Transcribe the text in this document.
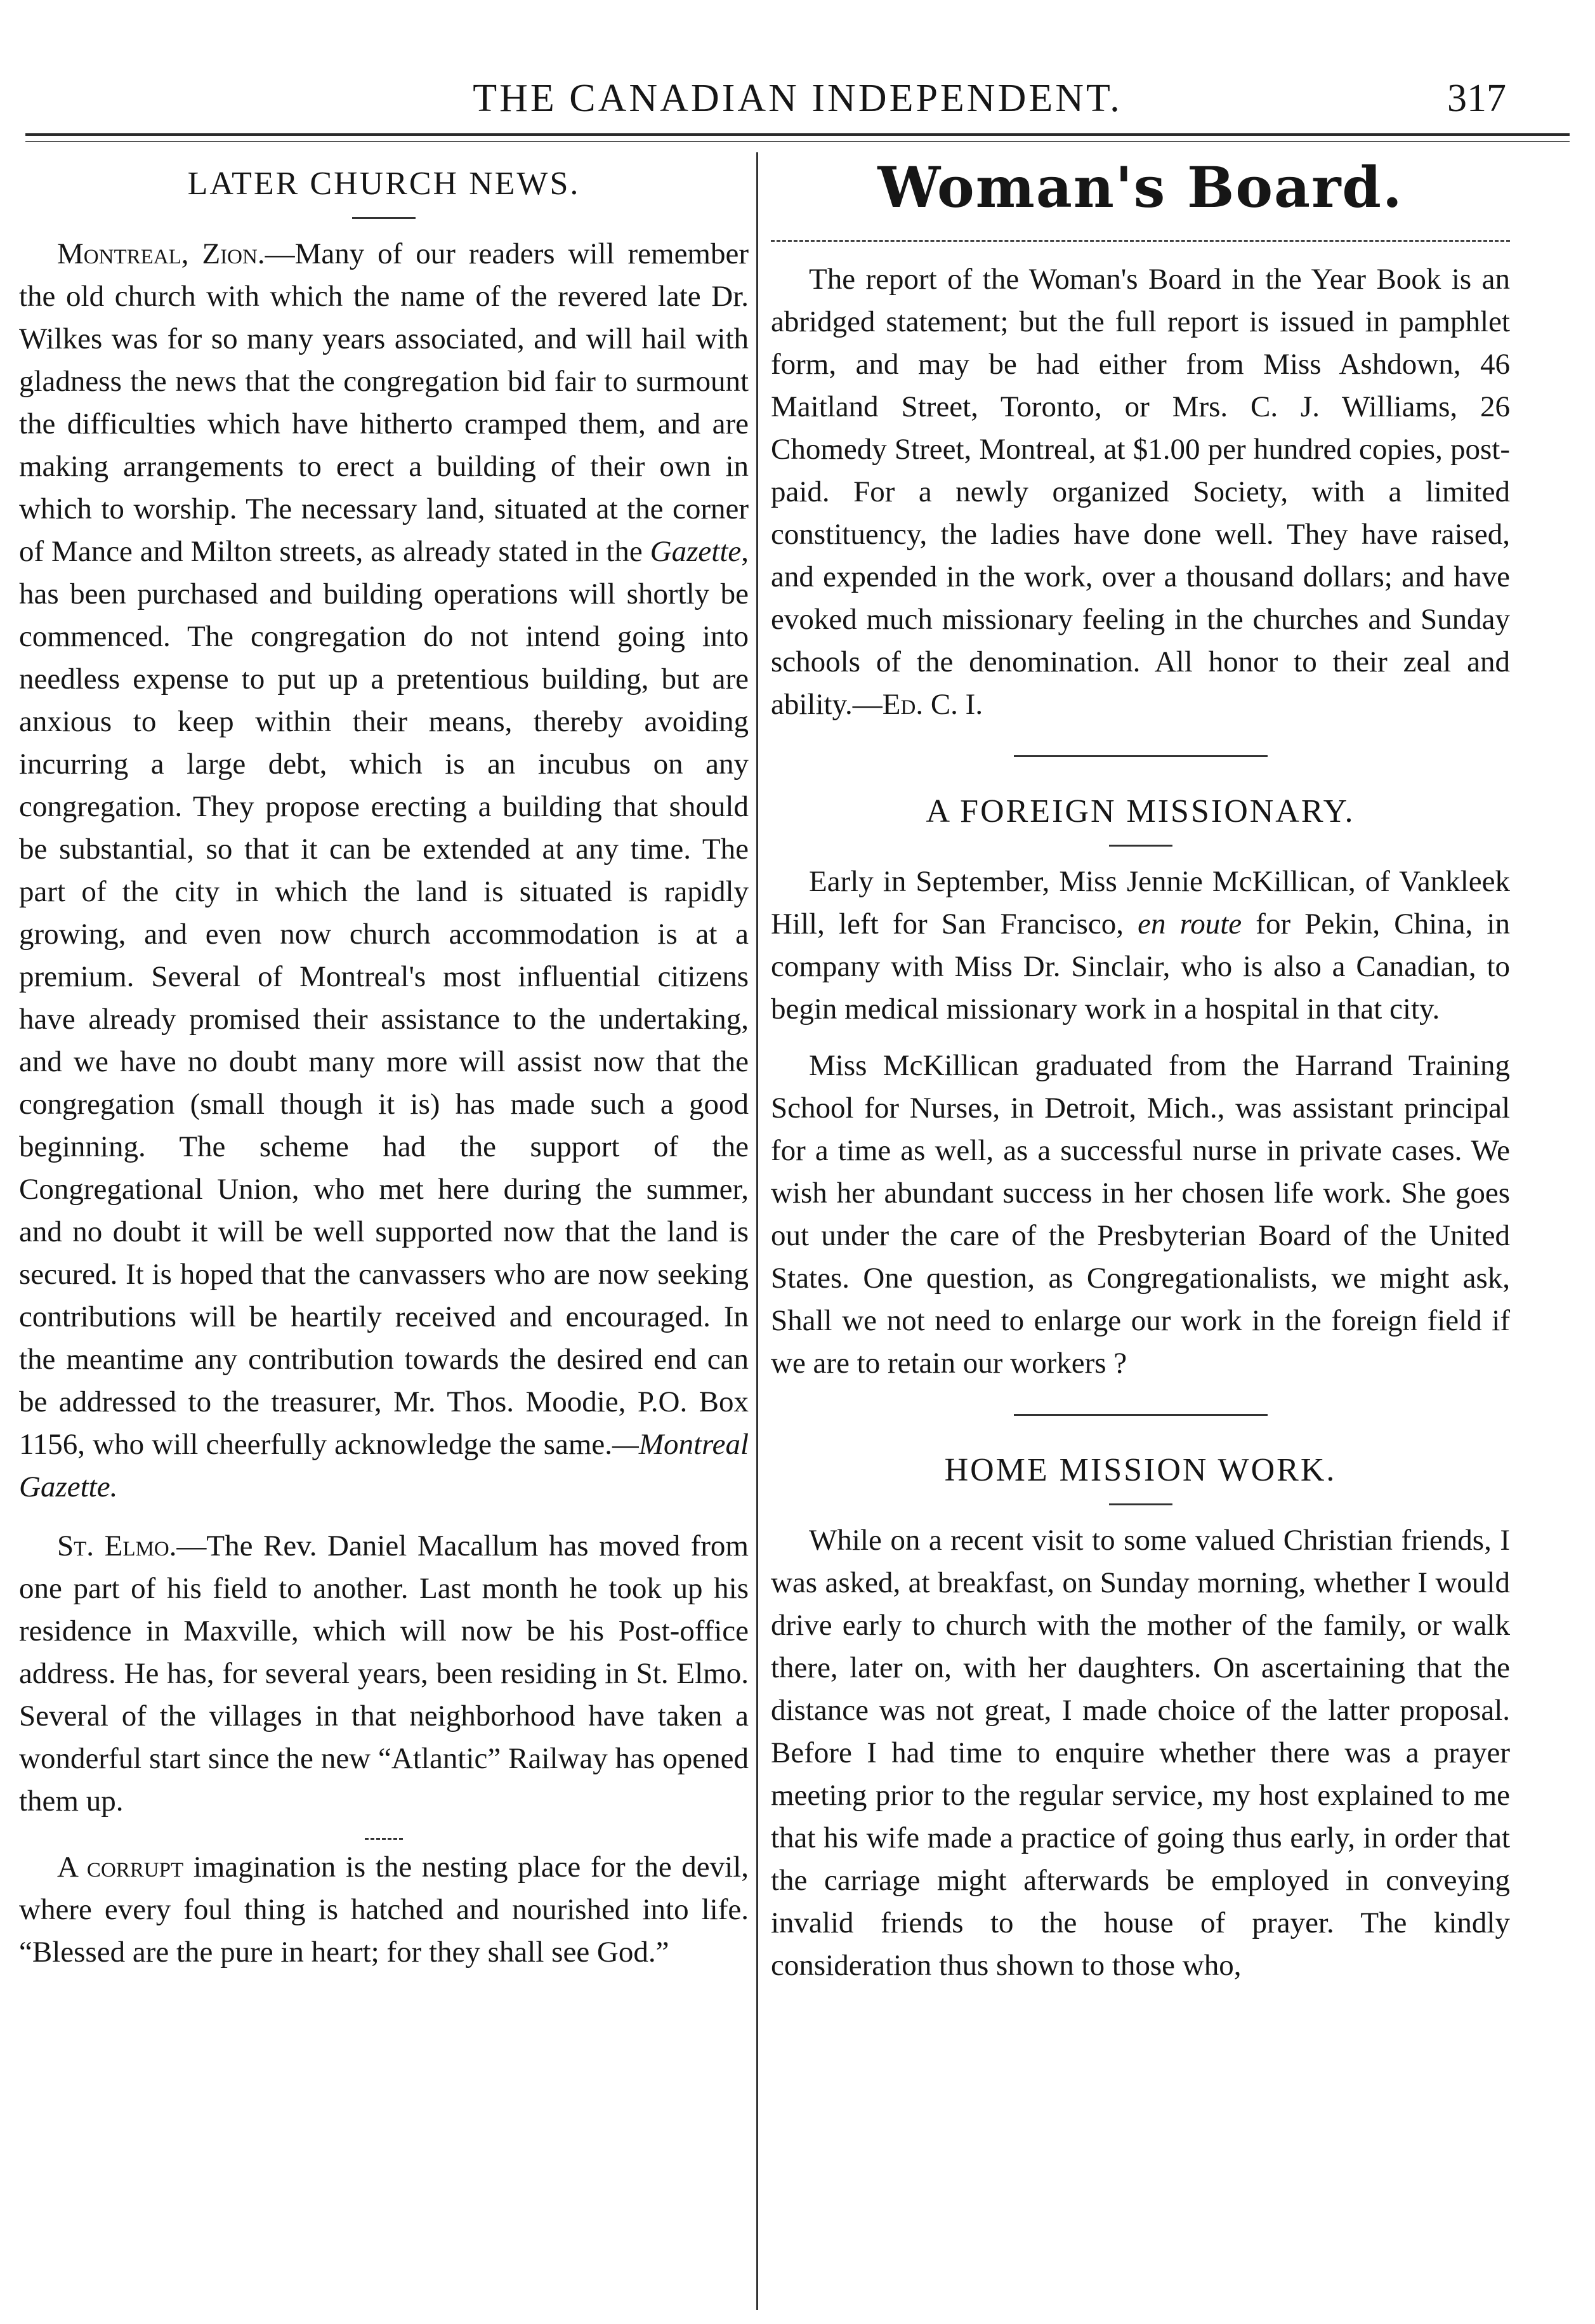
THE CANADIAN INDEPENDENT.	317
LATER CHURCH NEWS.

Montreal, Zion.—Many of our readers will remember the old church with which the name of the revered late Dr. Wilkes was for so many years associated, and will hail with gladness the news that the congregation bid fair to surmount the difficulties which have hitherto cramped them, and are making arrangements to erect a building of their own in which to worship. The necessary land, situated at the corner of Mance and Milton streets, as already stated in the Gazette, has been purchased and building operations will shortly be commenced. The congregation do not intend going into needless expense to put up a pretentious building, but are anxious to keep within their means, thereby avoiding incurring a large debt, which is an incubus on any congregation. They propose erecting a building that should be substantial, so that it can be extended at any time. The part of the city in which the land is situated is rapidly growing, and even now church accommodation is at a premium. Several of Montreal's most influential citizens have already promised their assistance to the undertaking, and we have no doubt many more will assist now that the congregation (small though it is) has made such a good beginning. The scheme had the support of the Congregational Union, who met here during the summer, and no doubt it will be well supported now that the land is secured. It is hoped that the canvassers who are now seeking contributions will be heartily received and encouraged. In the meantime any contribution towards the desired end can be addressed to the treasurer, Mr. Thos. Moodie, P.O. Box 1156, who will cheerfully acknowledge the same.—Montreal Gazette.

St. Elmo.—The Rev. Daniel Macallum has moved from one part of his field to another. Last month he took up his residence in Maxville, which will now be his Post-office address. He has, for several years, been residing in St. Elmo. Several of the villages in that neighborhood have taken a wonderful start since the new “Atlantic” Railway has opened them up.

A corrupt imagination is the nesting place for the devil, where every foul thing is hatched and nourished into life. “Blessed are the pure in heart; for they shall see God.”

Woman's Board.

The report of the Woman's Board in the Year Book is an abridged statement; but the full report is issued in pamphlet form, and may be had either from Miss Ashdown, 46 Maitland Street, Toronto, or Mrs. C. J. Williams, 26 Chomedy Street, Montreal, at $1.00 per hundred copies, post-paid. For a newly organized Society, with a limited constituency, the ladies have done well. They have raised, and expended in the work, over a thousand dollars; and have evoked much missionary feeling in the churches and Sunday schools of the denomination. All honor to their zeal and ability.—Ed. C. I.

A FOREIGN MISSIONARY.

Early in September, Miss Jennie McKillican, of Vankleek Hill, left for San Francisco, en route for Pekin, China, in company with Miss Dr. Sinclair, who is also a Canadian, to begin medical missionary work in a hospital in that city.

Miss McKillican graduated from the Harrand Training School for Nurses, in Detroit, Mich., was assistant principal for a time as well, as a successful nurse in private cases. We wish her abundant success in her chosen life work. She goes out under the care of the Presbyterian Board of the United States. One question, as Congregationalists, we might ask, Shall we not need to enlarge our work in the foreign field if we are to retain our workers ?

HOME MISSION WORK.

While on a recent visit to some valued Christian friends, I was asked, at breakfast, on Sunday morning, whether I would drive early to church with the mother of the family, or walk there, later on, with her daughters. On ascertaining that the distance was not great, I made choice of the latter proposal. Before I had time to enquire whether there was a prayer meeting prior to the regular service, my host explained to me that his wife made a practice of going thus early, in order that the carriage might afterwards be employed in conveying invalid friends to the house of prayer. The kindly consideration thus shown to those who,
